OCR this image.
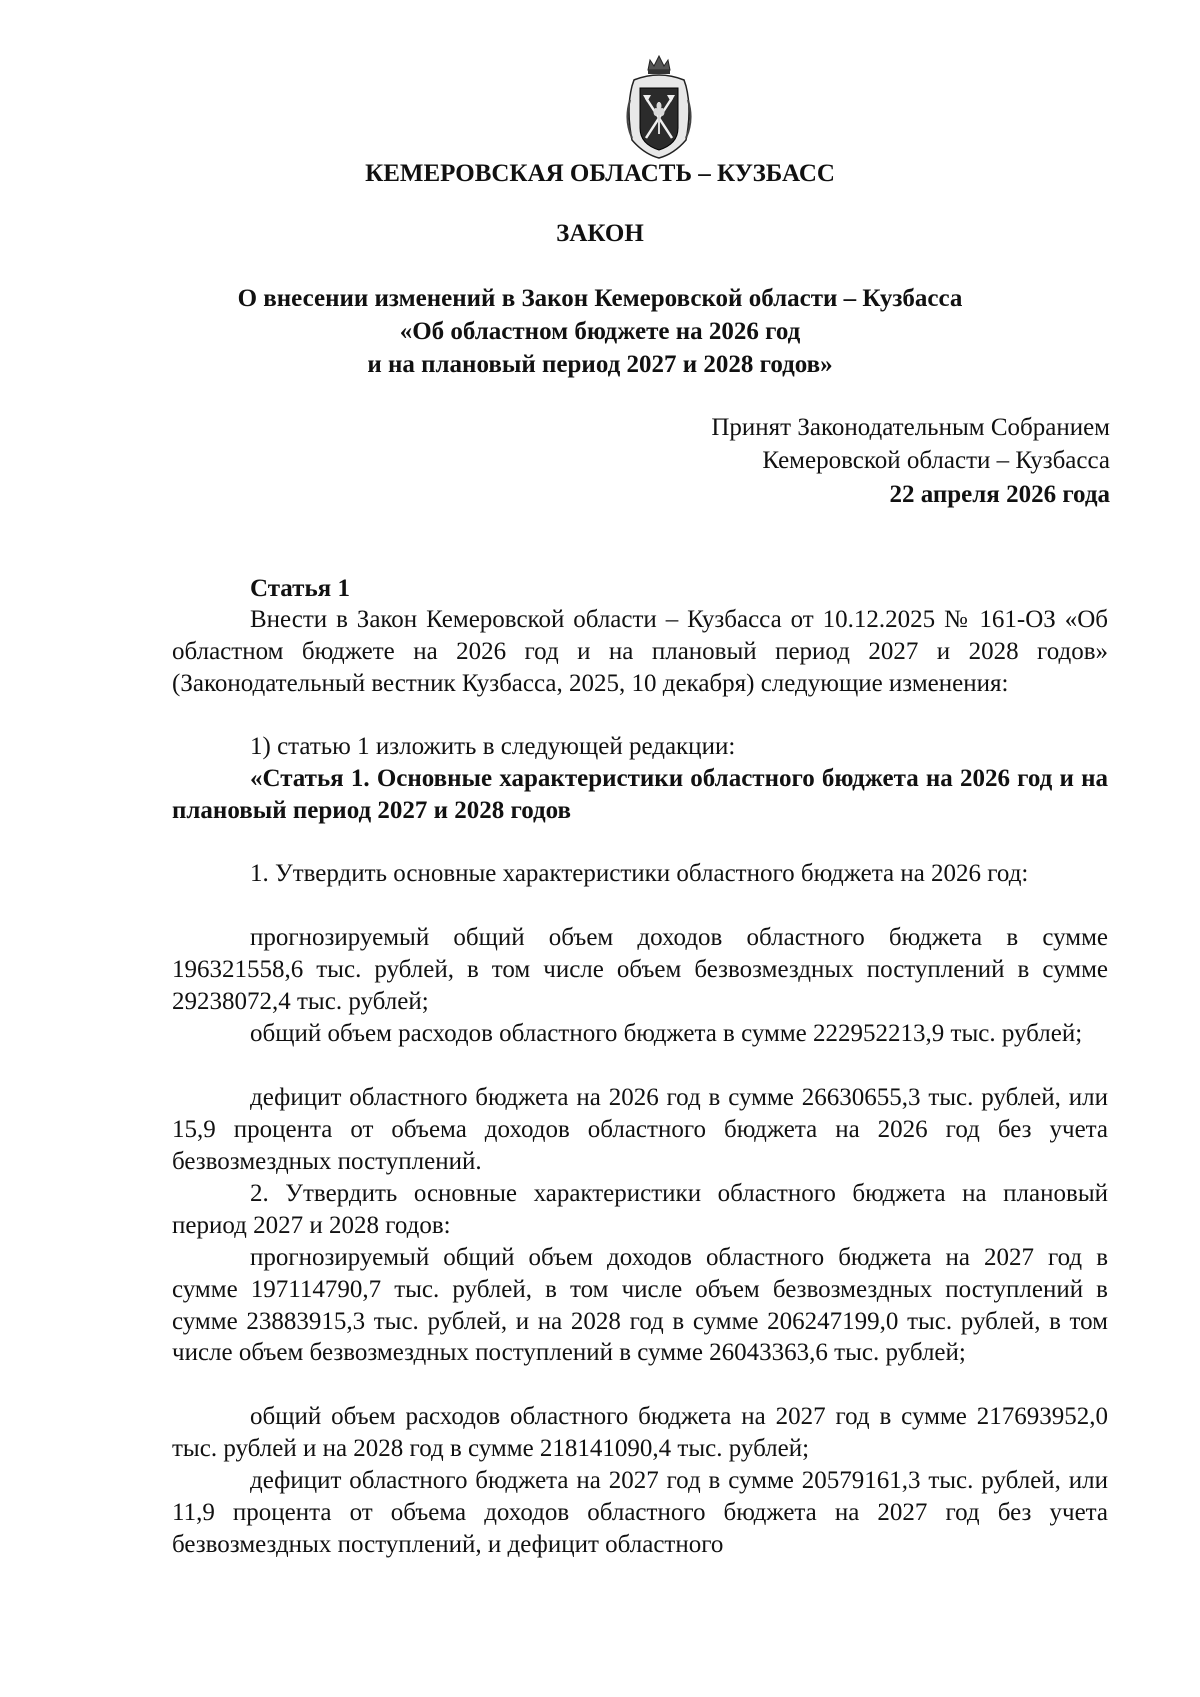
КЕМЕРОВСКАЯ ОБЛАСТЬ – КУЗБАСС
ЗАКОН
О внесении изменений в Закон Кемеровской области – Кузбасса
«Об областном бюджете на 2026 год
и на плановый период 2027 и 2028 годов»
Принят Законодательным Собранием
Кемеровской области – Кузбасса
22 апреля 2026 года
Статья 1
Внести в Закон Кемеровской области – Кузбасса от 10.12.2025 № 161-ОЗ «Об областном бюджете на 2026 год и на плановый период 2027 и 2028 годов» (Законодательный вестник Кузбасса, 2025, 10 декабря) следующие изменения:
1) статью 1 изложить в следующей редакции:
«Статья 1. Основные характеристики областного бюджета на 2026 год и на плановый период 2027 и 2028 годов
1. Утвердить основные характеристики областного бюджета на 2026 год:
прогнозируемый общий объем доходов областного бюджета в сумме 196321558,6 тыс. рублей, в том числе объем безвозмездных поступлений в сумме 29238072,4 тыс. рублей;
общий объем расходов областного бюджета в сумме 222952213,9 тыс. рублей;
дефицит областного бюджета на 2026 год в сумме 26630655,3 тыс. рублей, или 15,9 процента от объема доходов областного бюджета на 2026 год без учета безвозмездных поступлений.
2. Утвердить основные характеристики областного бюджета на плановый период 2027 и 2028 годов:
прогнозируемый общий объем доходов областного бюджета на 2027 год в сумме 197114790,7 тыс. рублей, в том числе объем безвозмездных поступлений в сумме 23883915,3 тыс. рублей, и на 2028 год в сумме 206247199,0 тыс. рублей, в том числе объем безвозмездных поступлений в сумме 26043363,6 тыс. рублей;
общий объем расходов областного бюджета на 2027 год в сумме 217693952,0 тыс. рублей и на 2028 год в сумме 218141090,4 тыс. рублей;
дефицит областного бюджета на 2027 год в сумме 20579161,3 тыс. рублей, или 11,9 процента от объема доходов областного бюджета на 2027 год без учета безвозмездных поступлений, и дефицит областного
